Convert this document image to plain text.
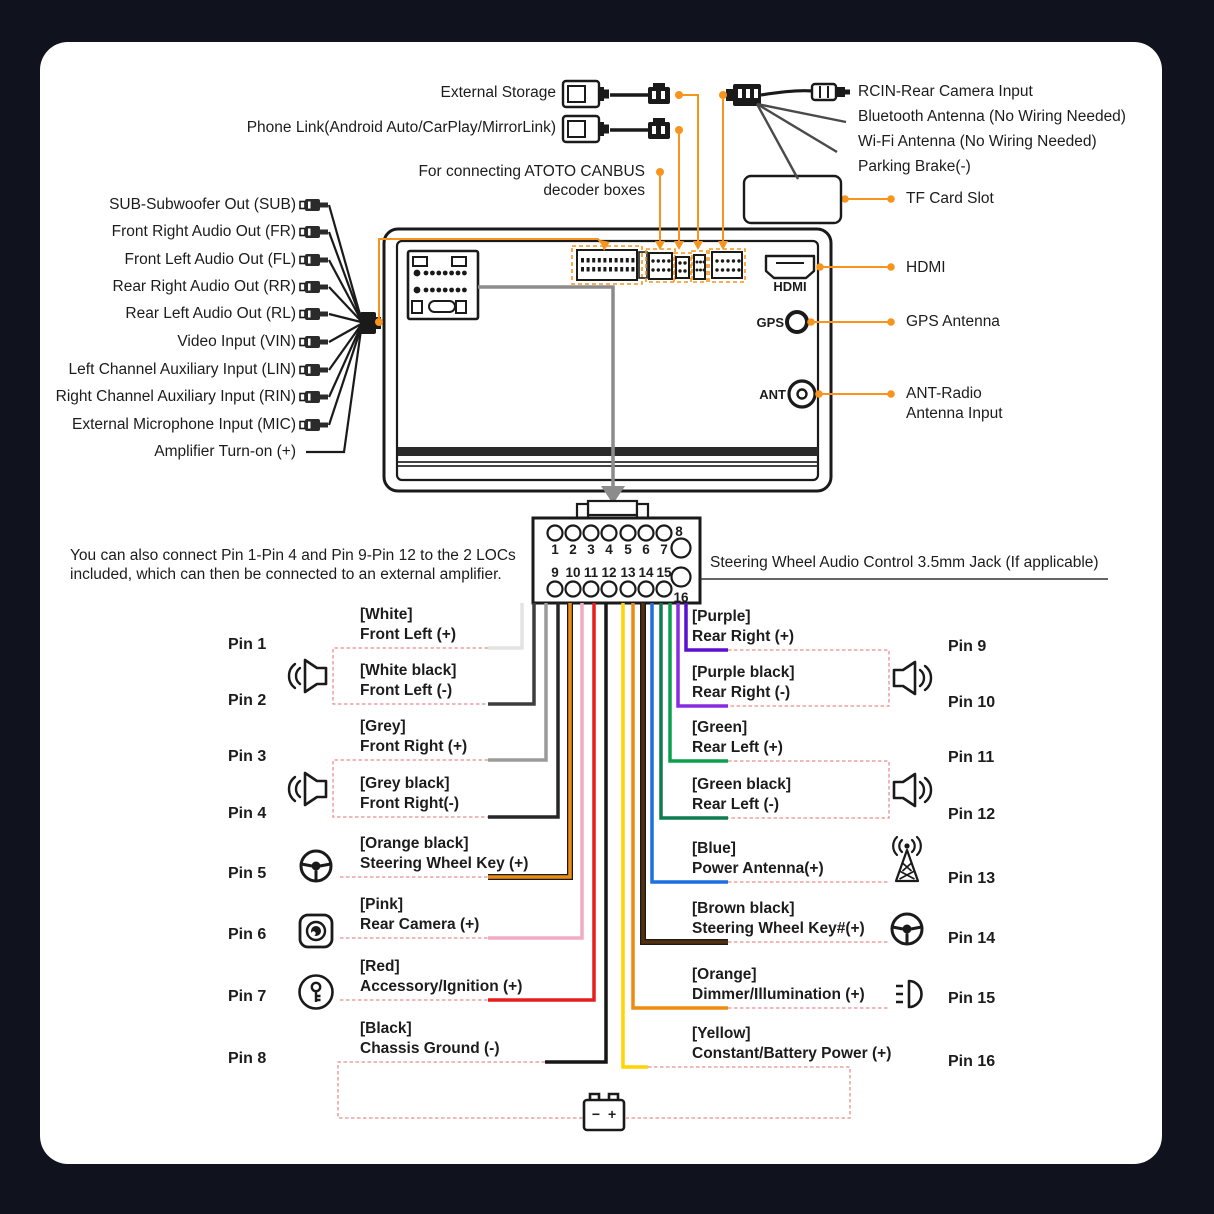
HDMI
GPS
ANT
1 2 3 4 5 6 7
8
9 10 11 12 13 14 15
16
External Storage
Phone Link(Android Auto/CarPlay/MirrorLink)
For connecting ATOTO CANBUS
decoder boxes
RCIN-Rear Camera Input
Bluetooth Antenna (No Wiring Needed)
Wi-Fi Antenna (No Wiring Needed)
Parking Brake(-)
TF Card Slot
SUB-Subwoofer Out (SUB)
Front Right Audio Out (FR)
Front Left Audio Out (FL)
Rear Right Audio Out (RR)
Rear Left Audio Out (RL)
Video Input (VIN)
Left Channel Auxiliary Input (LIN)
Right Channel Auxiliary Input (RIN)
External Microphone Input (MIC)
Amplifier Turn-on (+)
HDMI
GPS Antenna
ANT-Radio
Antenna Input
You can also connect Pin 1-Pin 4 and Pin 9-Pin 12 to the 2 LOCs
included, which can then be connected to an external amplifier.
Steering Wheel Audio Control 3.5mm Jack (If applicable)
[White]
Front Left (+)
[White black]
Front Left (-)
[Grey]
Front Right (+)
[Grey black]
Front Right(-)
[Orange black]
Steering Wheel Key (+)
[Pink]
Rear Camera (+)
[Red]
Accessory/Ignition (+)
[Black]
Chassis Ground (-)
[Purple]
Rear Right (+)
[Purple black]
Rear Right (-)
[Green]
Rear Left (+)
[Green black]
Rear Left (-)
[Blue]
Power Antenna(+)
[Brown black]
Steering Wheel Key#(+)
[Orange]
Dimmer/Illumination (+)
[Yellow]
Constant/Battery Power (+)
Pin 1
Pin 2
Pin 3
Pin 4
Pin 5
Pin 6
Pin 7
Pin 8
Pin 9
Pin 10
Pin 11
Pin 12
Pin 13
Pin 14
Pin 15
Pin 16
− +
